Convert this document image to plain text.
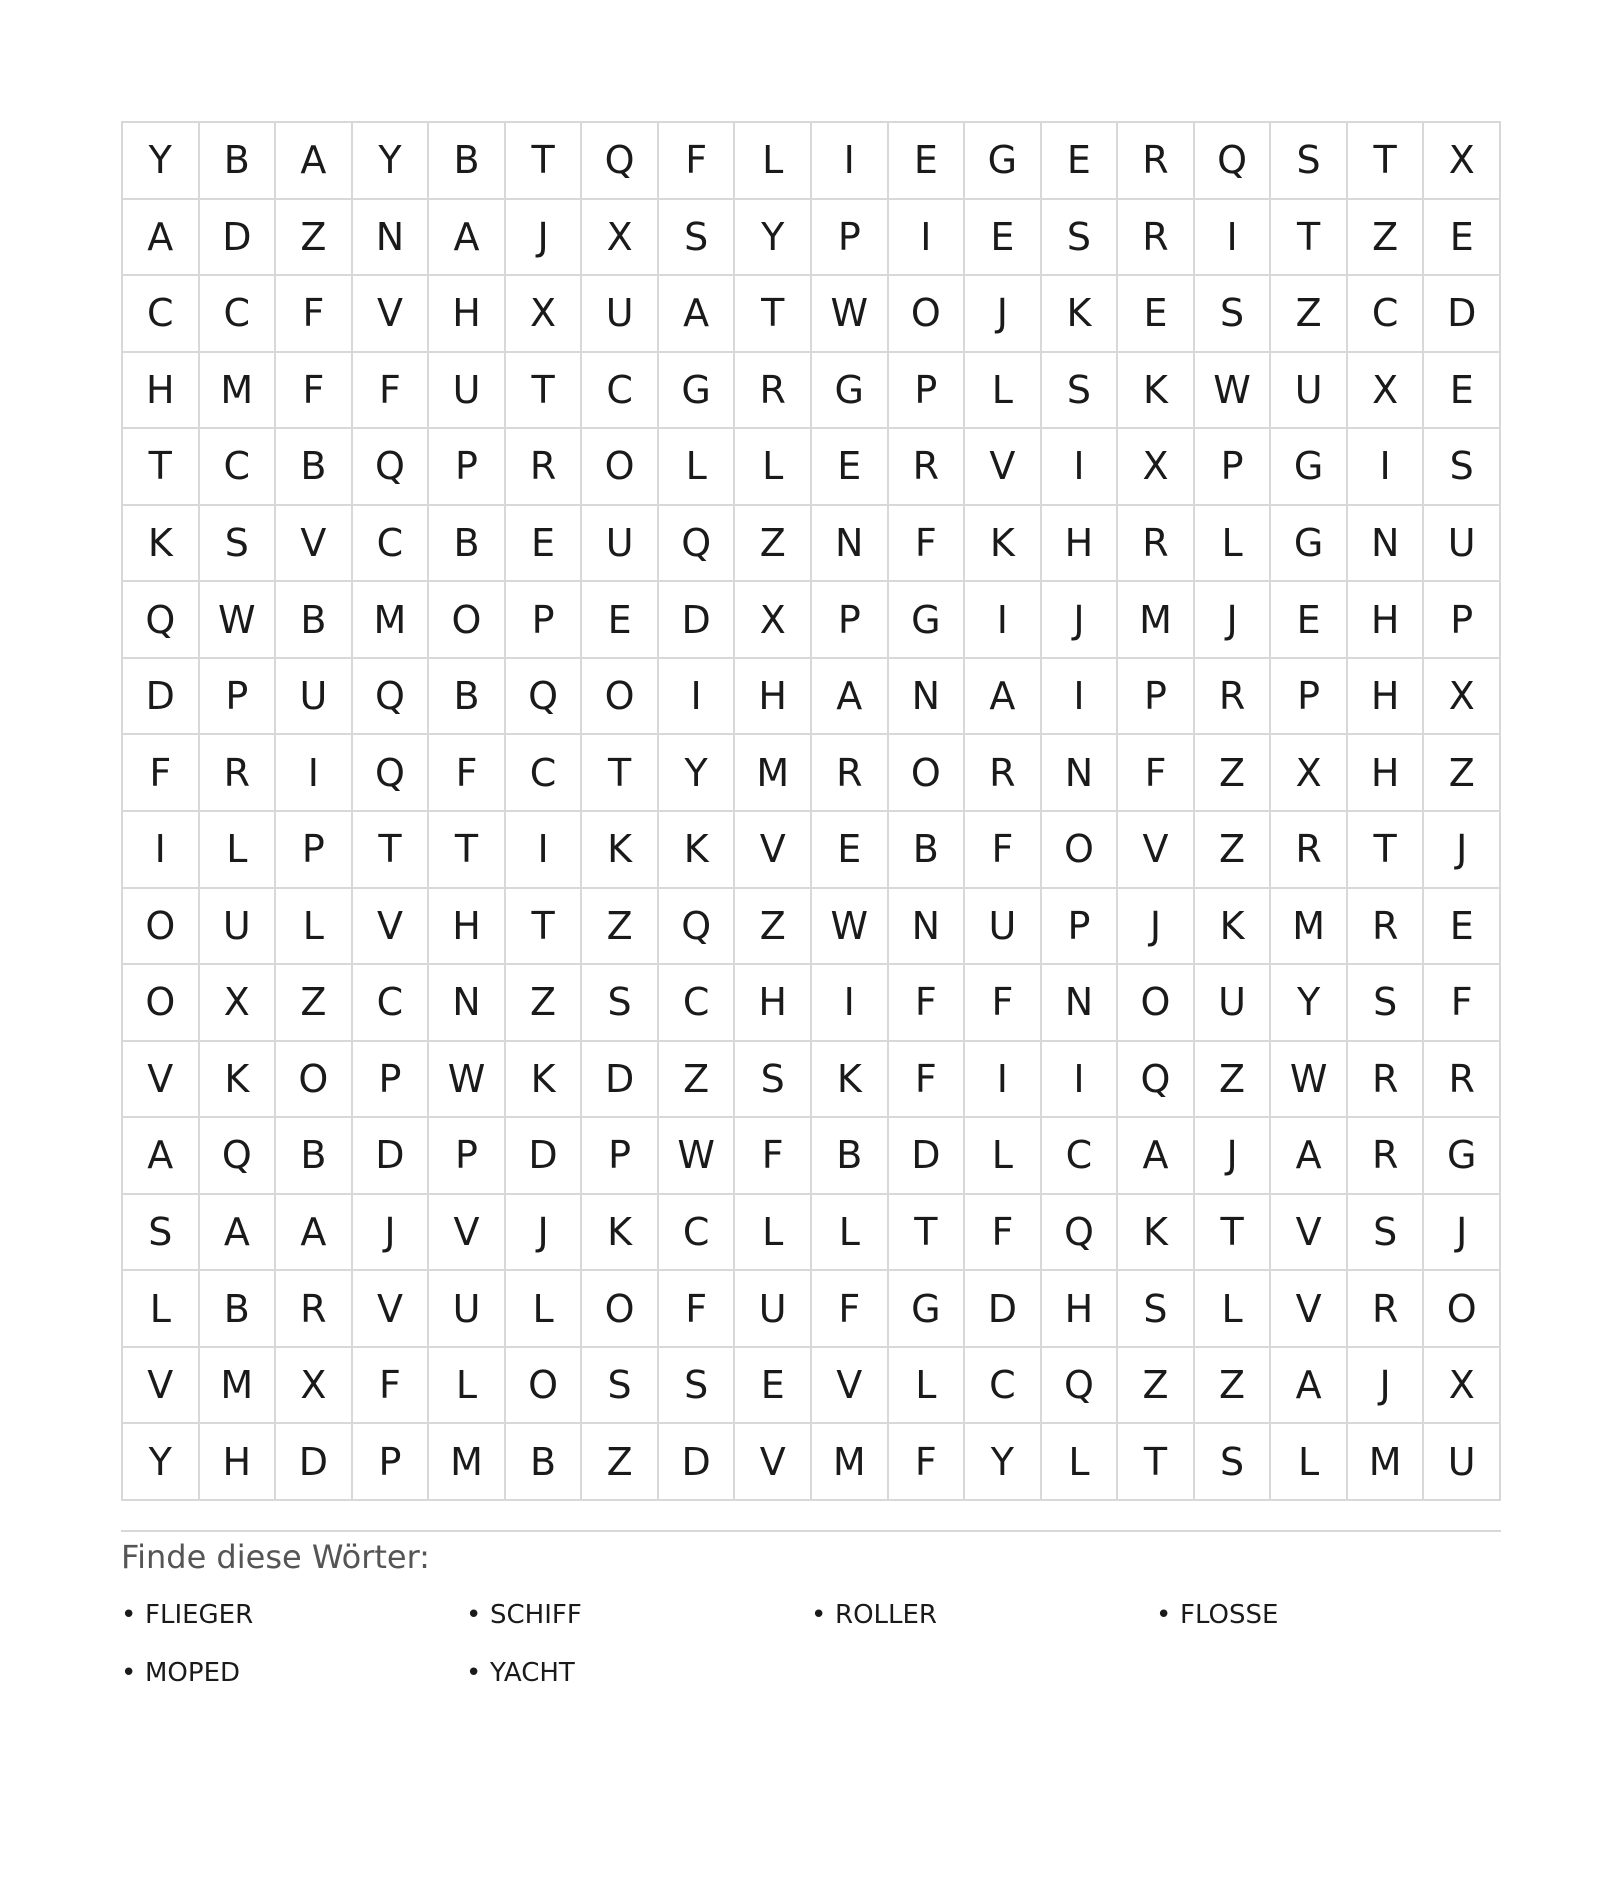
Y	B	A	Y	B	T	Q	F	L	I	E	G	E	R	Q	S	T	X
A	D	Z	N	A	J	X	S	Y	P	I	E	S	R	I	T	Z	E
C	C	F	V	H	X	U	A	T	W	O	J	K	E	S	Z	C	D
H	M	F	F	U	T	C	G	R	G	P	L	S	K	W	U	X	E
T	C	B	Q	P	R	O	L	L	E	R	V	I	X	P	G	I	S
K	S	V	C	B	E	U	Q	Z	N	F	K	H	R	L	G	N	U
Q	W	B	M	O	P	E	D	X	P	G	I	J	M	J	E	H	P
D	P	U	Q	B	Q	O	I	H	A	N	A	I	P	R	P	H	X
F	R	I	Q	F	C	T	Y	M	R	O	R	N	F	Z	X	H	Z
I	L	P	T	T	I	K	K	V	E	B	F	O	V	Z	R	T	J
O	U	L	V	H	T	Z	Q	Z	W	N	U	P	J	K	M	R	E
O	X	Z	C	N	Z	S	C	H	I	F	F	N	O	U	Y	S	F
V	K	O	P	W	K	D	Z	S	K	F	I	I	Q	Z	W	R	R
A	Q	B	D	P	D	P	W	F	B	D	L	C	A	J	A	R	G
S	A	A	J	V	J	K	C	L	L	T	F	Q	K	T	V	S	J
L	B	R	V	U	L	O	F	U	F	G	D	H	S	L	V	R	O
V	M	X	F	L	O	S	S	E	V	L	C	Q	Z	Z	A	J	X
Y	H	D	P	M	B	Z	D	V	M	F	Y	L	T	S	L	M	U
Finde diese Wörter:
• FLIEGER	• SCHIFF	• ROLLER	• FLOSSE
• MOPED	• YACHT
